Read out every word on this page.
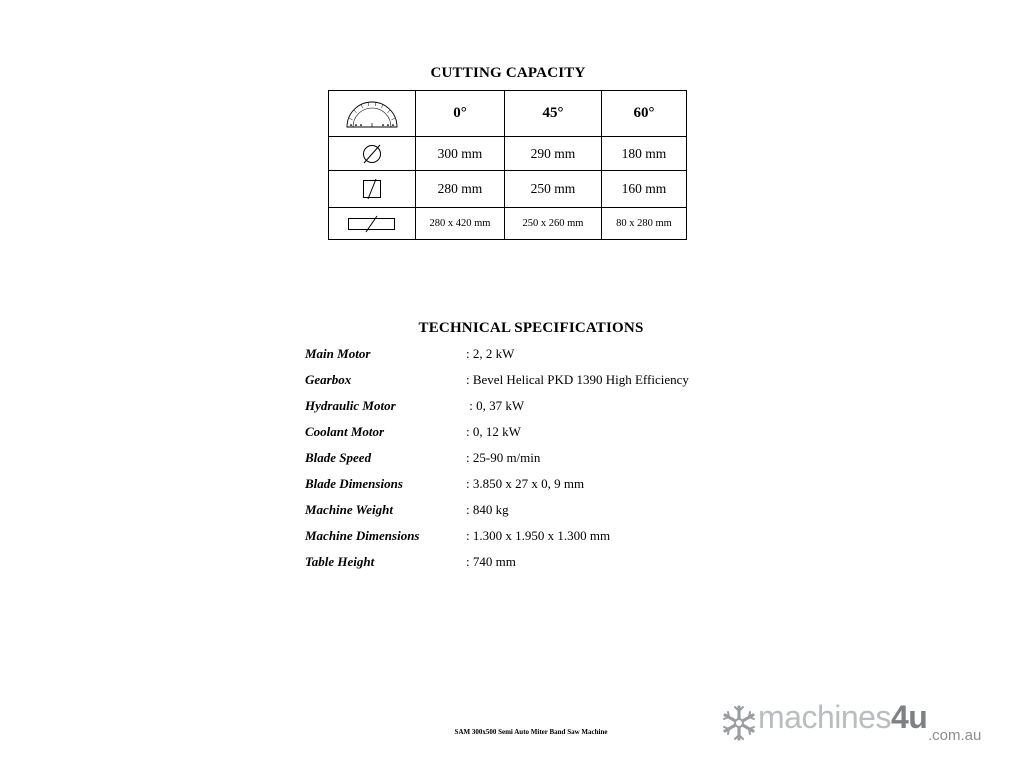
CUTTING CAPACITY
	0°	45°	60°

	300 mm	290 mm	180 mm

	280 mm	250 mm	160 mm

	280 x 420 mm	250 x 260 mm	80 x 280 mm
TECHNICAL SPECIFICATIONS
Main Motor	: 2, 2 kW
Gearbox	: Bevel Helical PKD 1390 High Efficiency
Hydraulic Motor	: 0, 37 kW
Coolant Motor	: 0, 12 kW
Blade Speed	: 25-90 m/min
Blade Dimensions	: 3.850 x 27 x 0, 9 mm
Machine Weight	: 840 kg
Machine Dimensions	: 1.300 x 1.950 x 1.300 mm
Table Height	: 740 mm
SAM 300x500 Semi Auto Miter Band Saw Machine	machines4u
.com.au
